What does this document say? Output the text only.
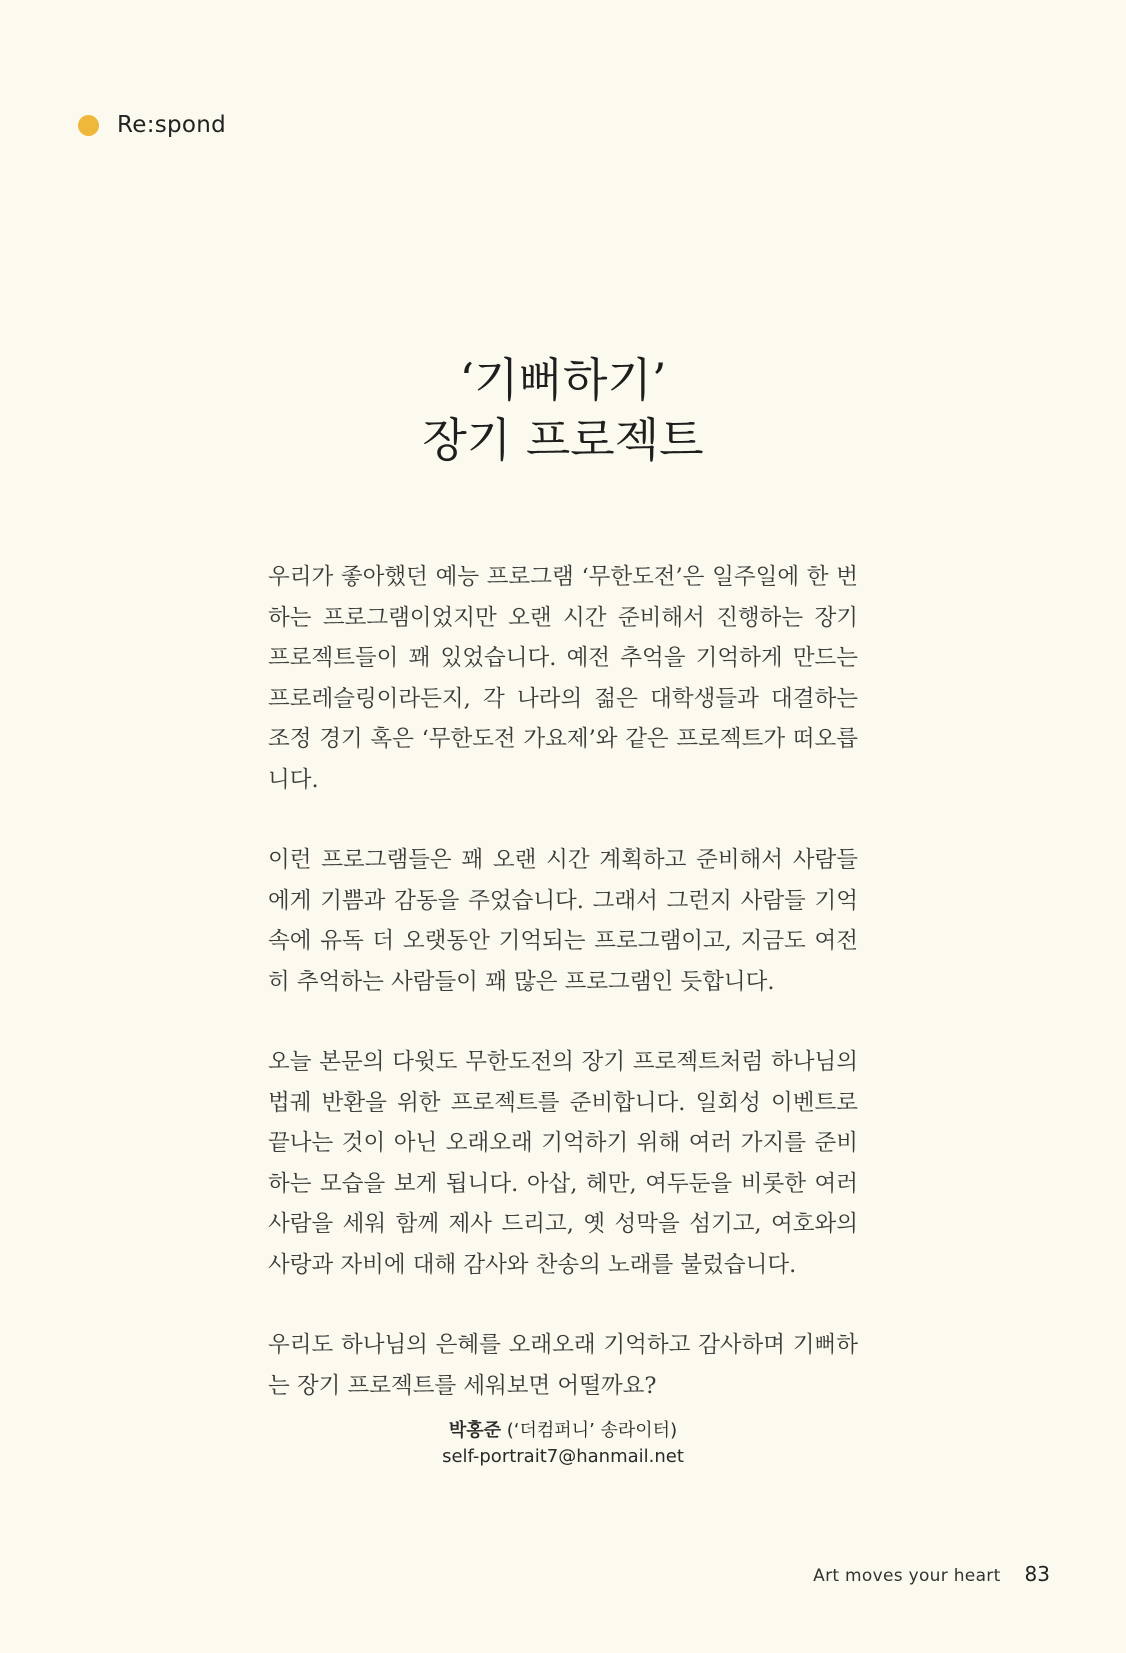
Re:spond
‘기뻐하기’
장기 프로젝트

우리가 좋아했던 예능 프로그램 ‘무한도전’은 일주일에 한 번 하는 프로그램이었지만 오랜 시간 준비해서 진행하는 장기 프로젝트들이 꽤 있었습니다. 예전 추억을 기억하게 만드는 프로레슬링이라든지, 각 나라의 젊은 대학생들과 대결하는 조정 경기 혹은 ‘무한도전 가요제’와 같은 프로젝트가 떠오릅니다.

이런 프로그램들은 꽤 오랜 시간 계획하고 준비해서 사람들에게 기쁨과 감동을 주었습니다. 그래서 그런지 사람들 기억 속에 유독 더 오랫동안 기억되는 프로그램이고, 지금도 여전히 추억하는 사람들이 꽤 많은 프로그램인 듯합니다.

오늘 본문의 다윗도 무한도전의 장기 프로젝트처럼 하나님의 법궤 반환을 위한 프로젝트를 준비합니다. 일회성 이벤트로 끝나는 것이 아닌 오래오래 기억하기 위해 여러 가지를 준비하는 모습을 보게 됩니다. 아삽, 헤만, 여두둔을 비롯한 여러 사람을 세워 함께 제사 드리고, 옛 성막을 섬기고, 여호와의 사랑과 자비에 대해 감사와 찬송의 노래를 불렀습니다.

우리도 하나님의 은혜를 오래오래 기억하고 감사하며 기뻐하는 장기 프로젝트를 세워보면 어떨까요?

박홍준 (‘더컴퍼니’ 송라이터)
self-portrait7@hanmail.net
Art moves your heart 83
